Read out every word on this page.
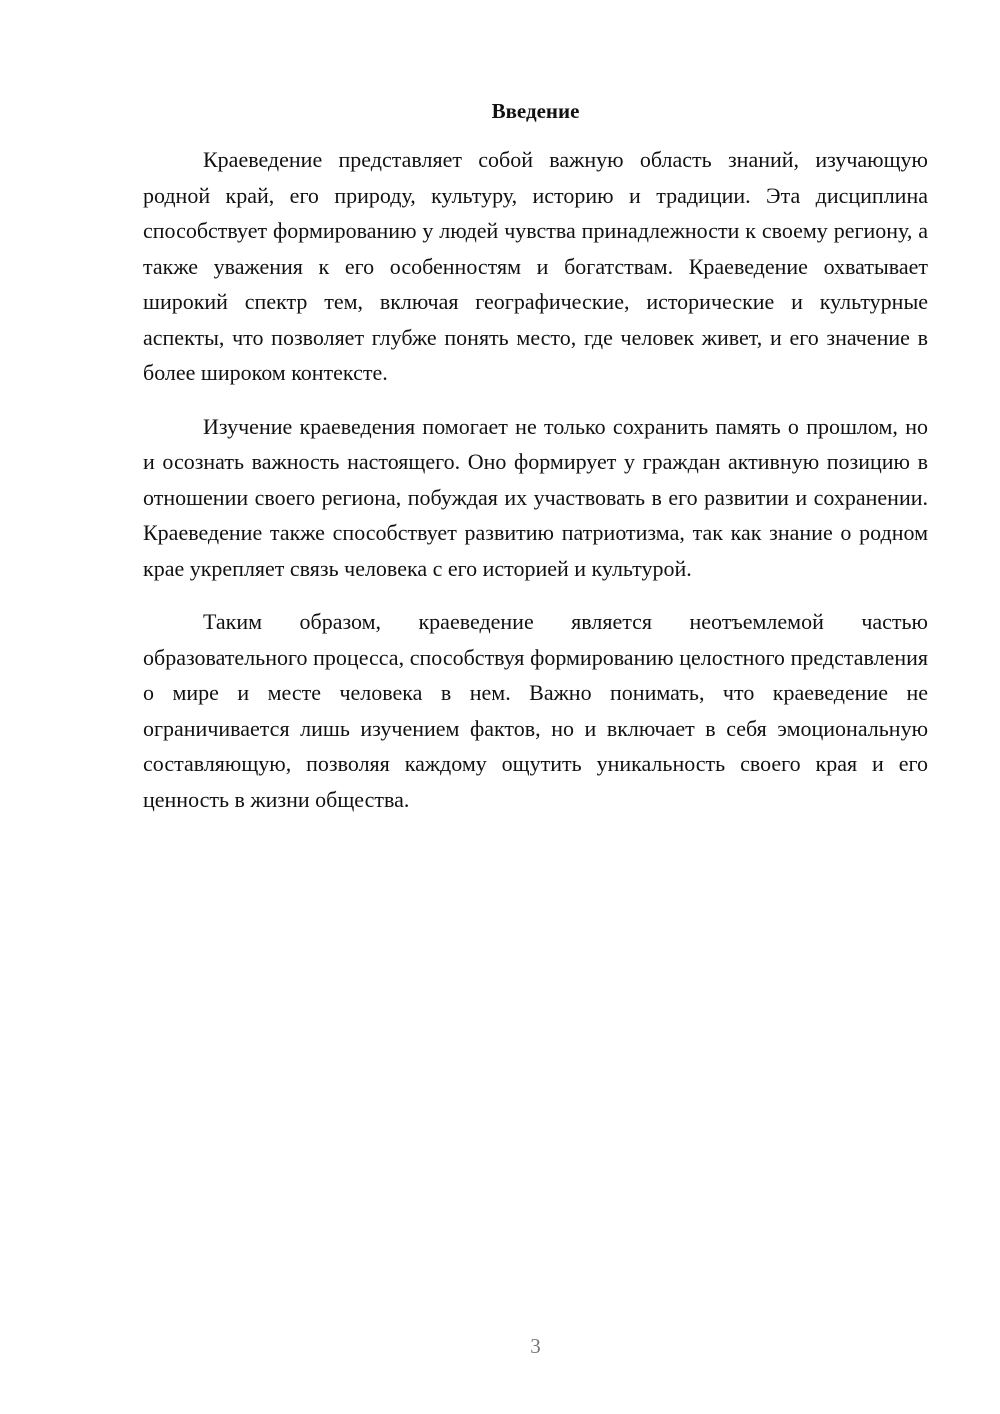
Введение

Краеведение представляет собой важную область знаний, изучающую родной край, его природу, культуру, историю и традиции. Эта дисциплина способствует формированию у людей чувства принадлежности к своему региону, а также уважения к его особенностям и богатствам. Краеведение охватывает широкий спектр тем, включая географические, исторические и культурные аспекты, что позволяет глубже понять место, где человек живет, и его значение в более широком контексте.

Изучение краеведения помогает не только сохранить память о прошлом, но и осознать важность настоящего. Оно формирует у граждан активную позицию в отношении своего региона, побуждая их участвовать в его развитии и сохранении. Краеведение также способствует развитию патриотизма, так как знание о родном крае укрепляет связь человека с его историей и культурой.

Таким образом, краеведение является неотъемлемой частью образовательного процесса, способствуя формированию целостного представления о мире и месте человека в нем. Важно понимать, что краеведение не ограничивается лишь изучением фактов, но и включает в себя эмоциональную составляющую, позволяя каждому ощутить уникальность своего края и его ценность в жизни общества.

3
